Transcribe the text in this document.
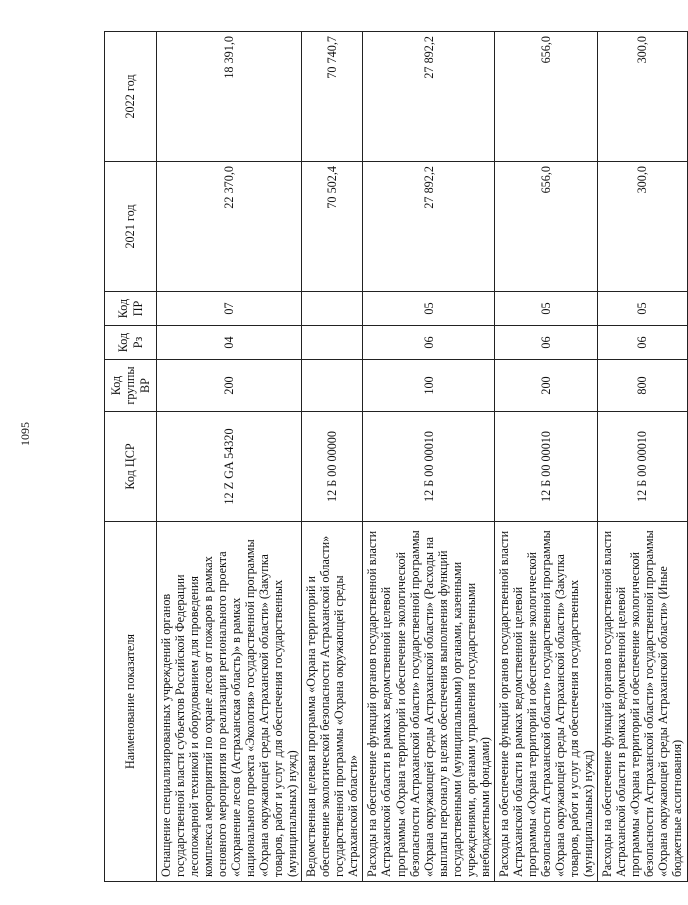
1095
Наименование показателя	Код ЦСР	Код группы ВР	Код Рз	Код ПР	2021 год	2022 год
Оснащение специализированных учреждений органов государственной власти субъектов Российской Федерации лесопожарной техникой и оборудованием для проведения комплекса мероприятий по охране лесов от пожаров в рамках основного мероприятия по реализации регионального проекта «Сохранение лесов (Астраханская область)» в рамках национального проекта «Экология» государственной программы «Охрана окружающей среды Астраханской области» (Закупка товаров, работ и услуг для обеспечения государственных (муниципальных) нужд)	12 Z GA 54320	200	04	07	22 370,0	18 391,0
Ведомственная целевая программа «Охрана территорий и обеспечение экологической безопасности Астраханской области» государственной программы «Охрана окружающей среды Астраханской области»	12 Б 00 00000				70 502,4	70 740,7
Расходы на обеспечение функций органов государственной власти Астраханской области в рамках ведомственной целевой программы «Охрана территорий и обеспечение экологической безопасности Астраханской области» государственной программы «Охрана окружающей среды Астраханской области» (Расходы на выплаты персоналу в целях обеспечения выполнения функций государственными (муниципальными) органами, казенными учреждениями, органами управления государственными внебюджетными фондами)	12 Б 00 00010	100	06	05	27 892,2	27 892,2
Расходы на обеспечение функций органов государственной власти Астраханской области в рамках ведомственной целевой программы «Охрана территорий и обеспечение экологической безопасности Астраханской области» государственной программы «Охрана окружающей среды Астраханской области» (Закупка товаров, работ и услуг для обеспечения государственных (муниципальных) нужд)	12 Б 00 00010	200	06	05	656,0	656,0
Расходы на обеспечение функций органов государственной власти Астраханской области в рамках ведомственной целевой программы «Охрана территорий и обеспечение экологической безопасности Астраханской области» государственной программы «Охрана окружающей среды Астраханской области» (Иные бюджетные ассигнования)	12 Б 00 00010	800	06	05	300,0	300,0
